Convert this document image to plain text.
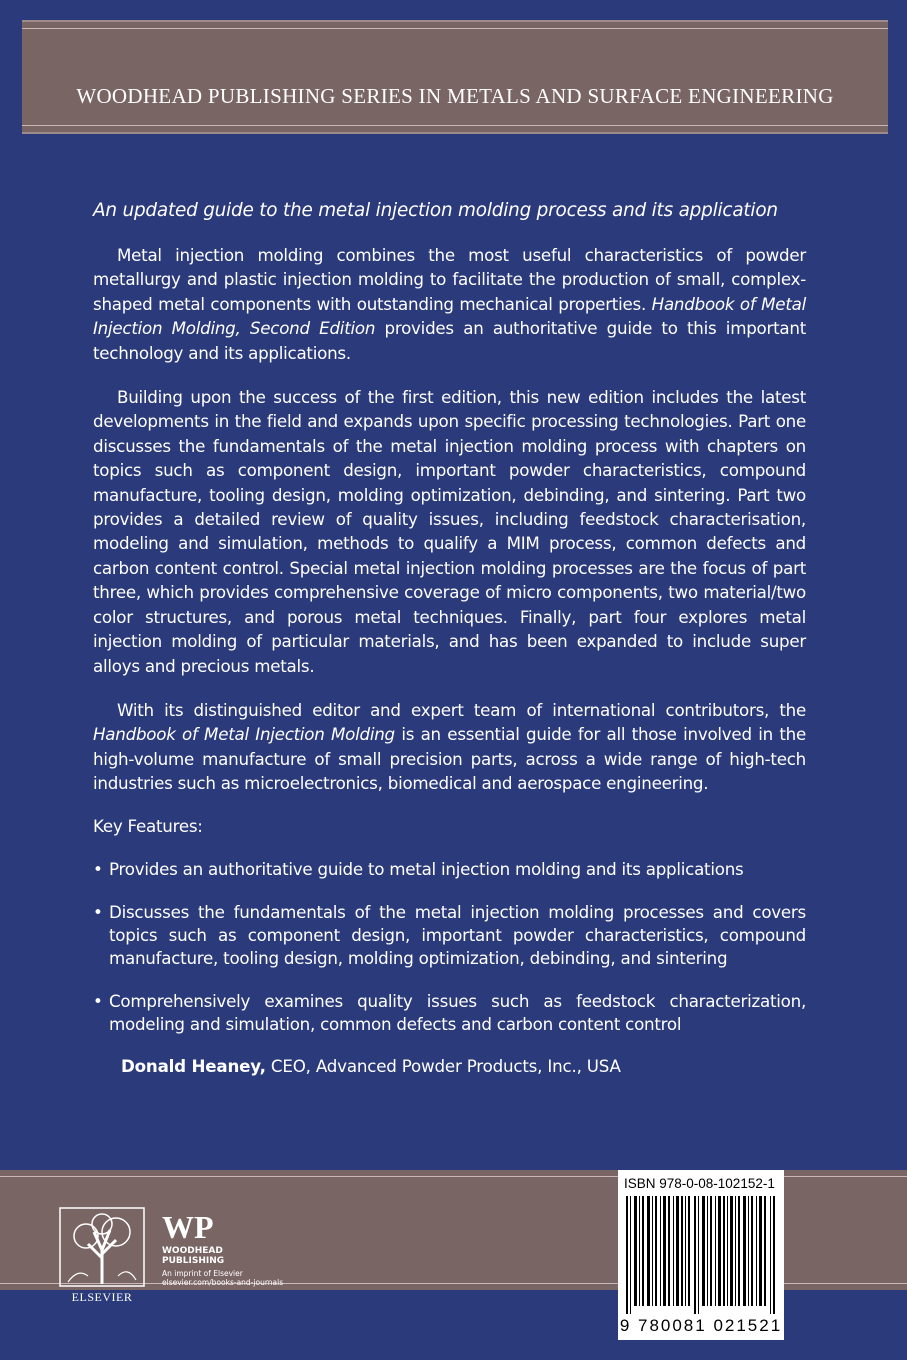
WOODHEAD PUBLISHING SERIES IN METALS AND SURFACE ENGINEERING
An updated guide to the metal injection molding process and its application

Metal injection molding combines the most useful characteristics of powder metallurgy and plastic injection molding to facilitate the production of small, complex-shaped metal components with outstanding mechanical properties. Handbook of Metal Injection Molding, Second Edition provides an authoritative guide to this important technology and its applications.

Building upon the success of the first edition, this new edition includes the latest developments in the field and expands upon specific processing technologies. Part one discusses the fundamentals of the metal injection molding process with chapters on topics such as component design, important powder characteristics, compound manufacture, tooling design, molding optimization, debinding, and sintering. Part two provides a detailed review of quality issues, including feedstock characterisation, modeling and simulation, methods to qualify a MIM process, common defects and carbon content control. Special metal injection molding processes are the focus of part three, which provides comprehensive coverage of micro components, two material/two color structures, and porous metal techniques. Finally, part four explores metal injection molding of particular materials, and has been expanded to include super alloys and precious metals.

With its distinguished editor and expert team of international contributors, the Handbook of Metal Injection Molding is an essential guide for all those involved in the high-volume manufacture of small precision parts, across a wide range of high-tech industries such as microelectronics, biomedical and aerospace engineering.

Key Features:
• Provides an authoritative guide to metal injection molding and its applications
• Discusses the fundamentals of the metal injection molding processes and covers topics such as component design, important powder characteristics, compound manufacture, tooling design, molding optimization, debinding, and sintering
• Comprehensively examines quality issues such as feedstock characterization, modeling and simulation, common defects and carbon content control
Donald Heaney, CEO, Advanced Powder Products, Inc., USA
ELSEVIER
WP
WOODHEAD
PUBLISHING
An imprint of Elsevier
elsevier.com/books-and-journals
ISBN 978-0-08-102152-1
9 780081 021521
